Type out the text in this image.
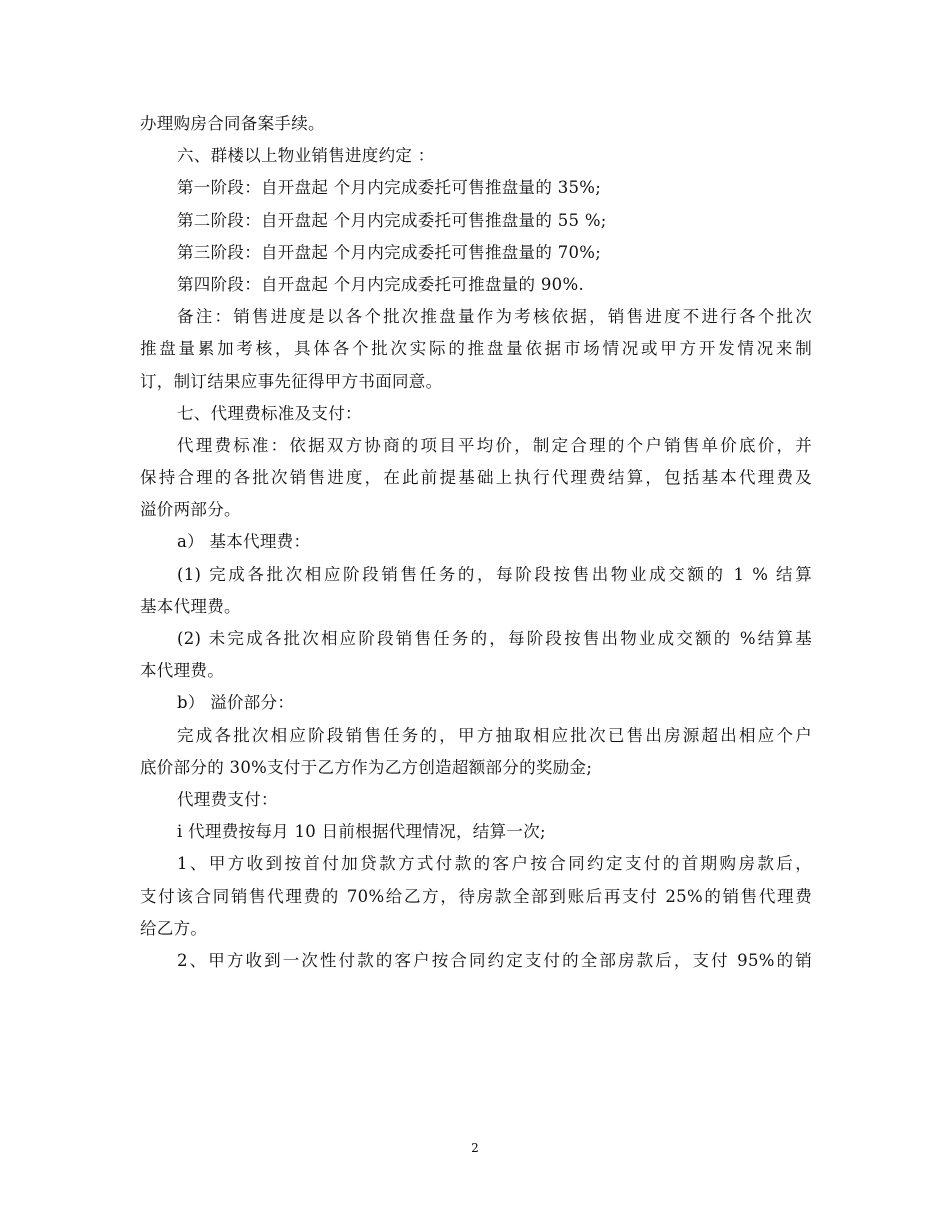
办理购房合同备案手续。
六、群楼以上物业销售进度约定 ：
第一阶段：自开盘起 个月内完成委托可售推盘量的 35%;
第二阶段：自开盘起 个月内完成委托可售推盘量的 55 %;
第三阶段：自开盘起 个月内完成委托可售推盘量的 70%;
第四阶段：自开盘起 个月内完成委托可推盘量的 90%.
备注：销售进度是以各个批次推盘量作为考核依据，销售进度不进行各个批次
推盘量累加考核，具体各个批次实际的推盘量依据市场情况或甲方开发情况来制
订，制订结果应事先征得甲方书面同意。
七、代理费标准及支付：
代理费标准：依据双方协商的项目平均价，制定合理的个户销售单价底价，并
保持合理的各批次销售进度，在此前提基础上执行代理费结算，包括基本代理费及
溢价两部分。
a） 基本代理费：
(1) 完成各批次相应阶段销售任务的，每阶段按售出物业成交额的 1 % 结算
基本代理费。
(2) 未完成各批次相应阶段销售任务的，每阶段按售出物业成交额的 %结算基
本代理费。
b） 溢价部分：
完成各批次相应阶段销售任务的，甲方抽取相应批次已售出房源超出相应个户
底价部分的 30%支付于乙方作为乙方创造超额部分的奖励金;
代理费支付：
i 代理费按每月 10 日前根据代理情况，结算一次;
1、甲方收到按首付加贷款方式付款的客户按合同约定支付的首期购房款后，
支付该合同销售代理费的 70%给乙方，待房款全部到账后再支付 25%的销售代理费
给乙方。
2、甲方收到一次性付款的客户按合同约定支付的全部房款后，支付 95%的销
2
